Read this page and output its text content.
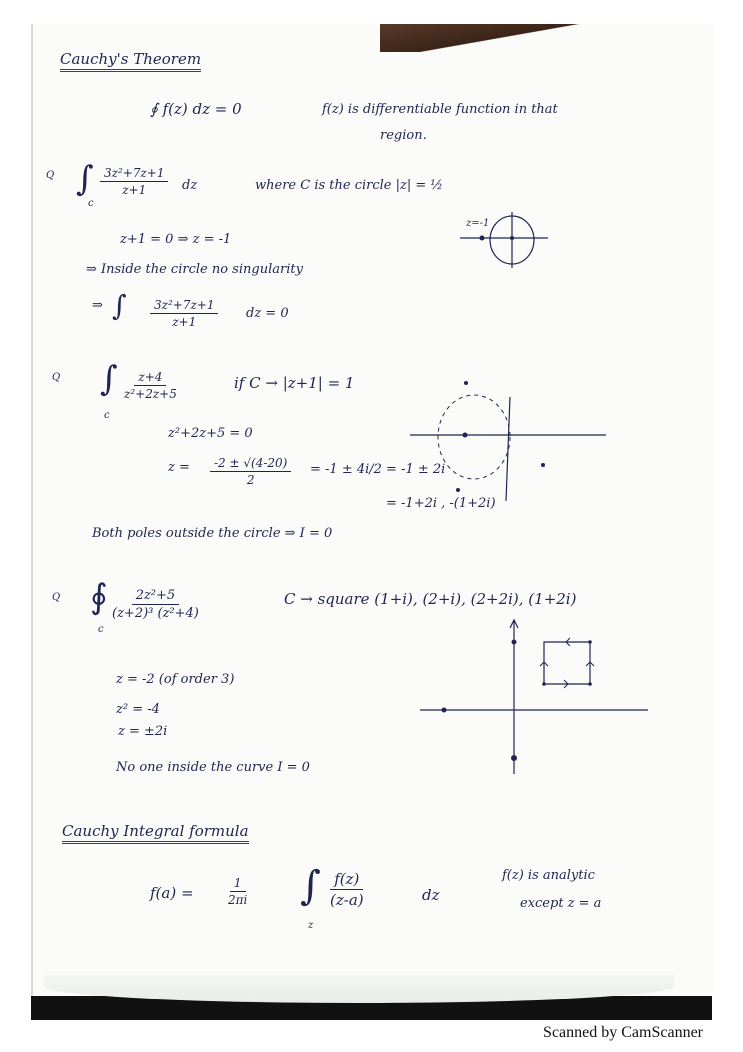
Cauchy's Theorem
∮ f(z) dz = 0	f(z) is differentiable function in that
region.
Q ∫
c
$\frac{\text{3z²+7z+1}}{z+1}$ dz	where C is the circle |z| = ½
z+1 = 0 ⇒ z = -1
⇒ Inside the circle no singularity
⇒ ∫ $\frac{\text{3z²+7z+1}}{z+1}$ dz = 0
z=-1
Q ∫
c
$\frac{z+4}{\text{z²+2z+5}}$	if C → |z+1| = 1
z²+2z+5 = 0
$z = \frac{-2 \pm √(4-20)}{2} = -1 \pm 4i/2 = -1 \pm 2i$
= -1+2i , -(1+2i)
Both poles outside the circle ⇒ I = 0
Q ∮
c
$\frac{\text{2z²+5}}{\text{(z+2)³ (z²+4)}}$	C → square (1+i), (2+i), (2+2i), (1+2i)
z = -2 (of order 3)
z² = -4
z = ±2i
No one inside the curve I = 0
Cauchy Integral formula
f(a) =	$\frac{1}{2\pi i}$ ∫
z
$\frac{f(z)}{(z-a)}$	dz
f(z) is analytic
except z = a
Scanned by CamScanner
